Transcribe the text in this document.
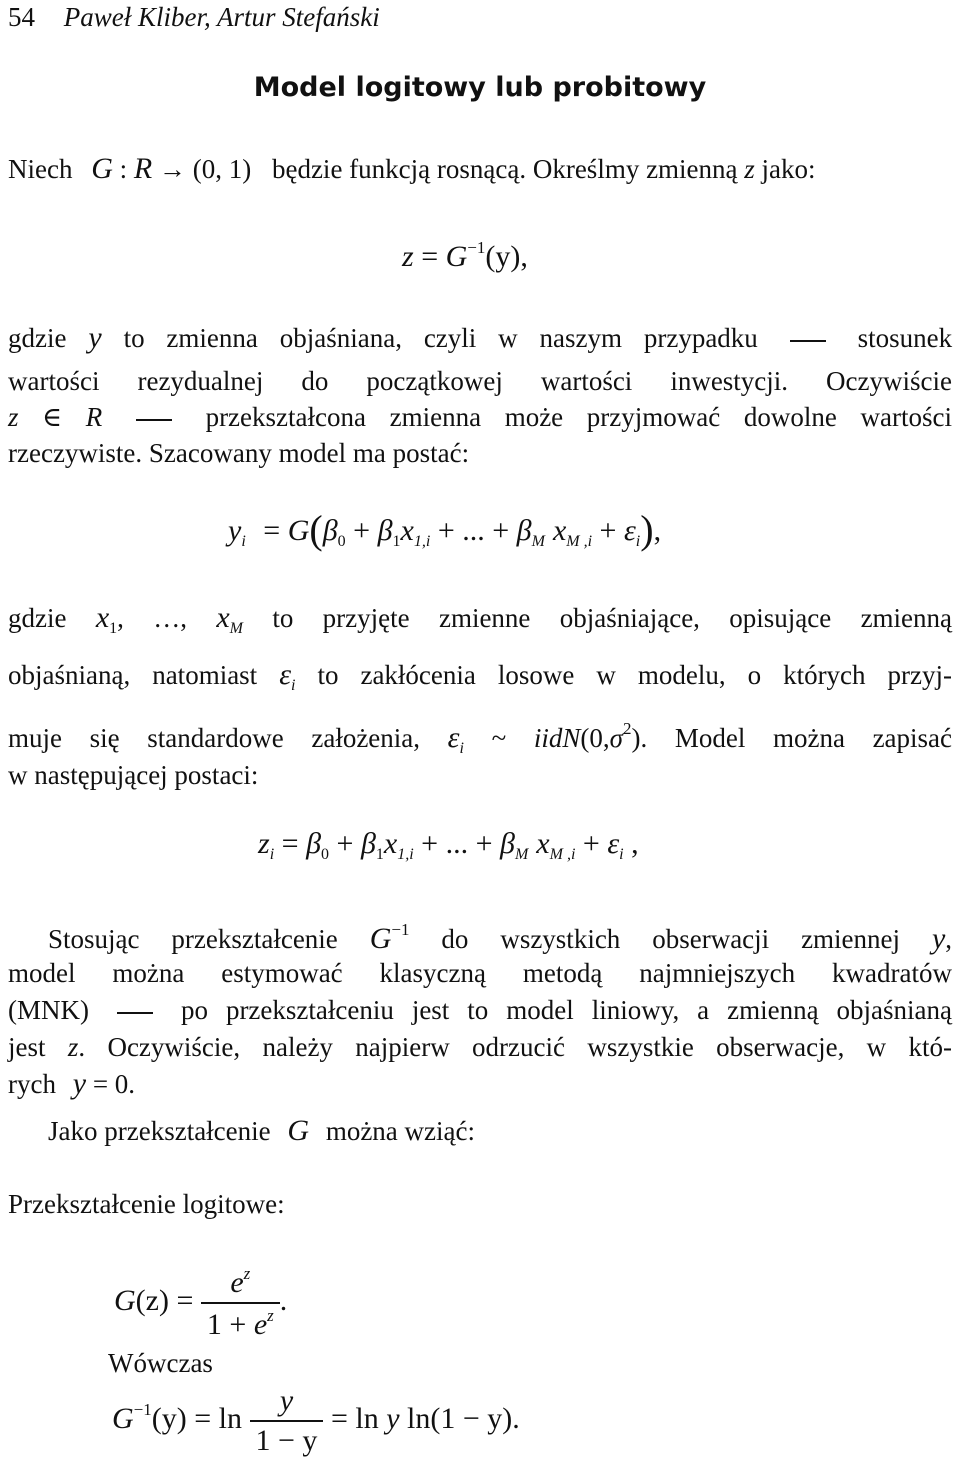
54 Paweł Kliber, Artur Stefański
Model logitowy lub probitowy
Niech G : R → (0, 1) będzie funkcją rosnącą. Określmy zmienną z jako:
$z = G^{-1}(y)$,
gdzie y to zmienna objaśniana, czyli w naszym przypadku	stosunek
wartości rezydualnej do początkowej wartości inwestycji. Oczywiście
z ∈ R	przekształcona zmienna może przyjmować dowolne wartości
rzeczywiste. Szacowany model ma postać:
$y_i = G(\beta_0 + \beta_1x_{1,i}$ + ... + $\beta_M$ $x_{M ,i} + \varepsilon_i$),
gdzie $x_1$, …, $x_M$ to przyjęte zmienne objaśniające, opisujące zmienną
objaśnianą, natomiast $\varepsilon_i$ to zakłócenia losowe w modelu, o których przyj-
muje się standardowe założenia, $\varepsilon_i$ ~ $iidN(0,\sigma^2)$. Model można zapisać
w następującej postaci:
$z_i = \beta_0 + \beta_1x_{1,i}$ + ... + $\beta_M$ $x_{M ,i} + \varepsilon_i$ ,
Stosując przekształcenie $G^{-1}$ do wszystkich obserwacji zmiennej y,
model można estymować klasyczną metodą najmniejszych kwadratów
(MNK)	po przekształceniu jest to model liniowy, a zmienną objaśnianą
jest z. Oczywiście, należy najpierw odrzucić wszystkie obserwacje, w któ-
rych y = 0.
Jako przekształcenie G można wziąć:
Przekształcenie logitowe:
$G(z) = \frac{e^z}{1 + e^z}$ .
Wówczas
$G^{-1}(y) = \ln \frac{y}{1 - y} = \ln y$ ln(1 − y).
